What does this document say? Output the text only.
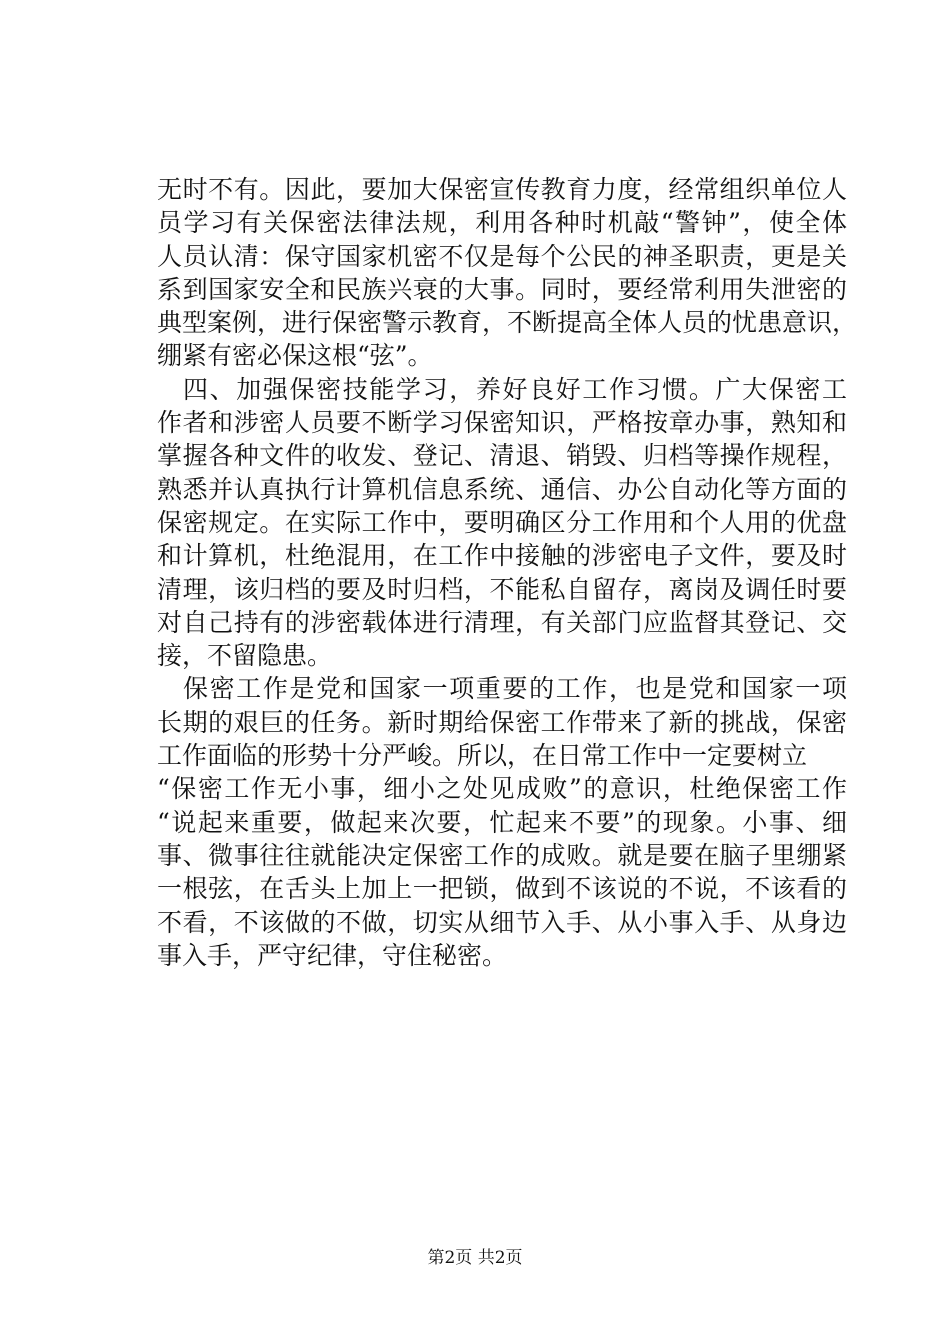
无时不有。因此，要加大保密宣传教育力度，经常组织单位人
员学习有关保密法律法规，利用各种时机敲“警钟”，使全体
人员认清：保守国家机密不仅是每个公民的神圣职责，更是关
系到国家安全和民族兴衰的大事。同时，要经常利用失泄密的
典型案例，进行保密警示教育，不断提高全体人员的忧患意识，
绷紧有密必保这根“弦”。
四、加强保密技能学习，养好良好工作习惯。广大保密工
作者和涉密人员要不断学习保密知识，严格按章办事，熟知和
掌握各种文件的收发、登记、清退、销毁、归档等操作规程，
熟悉并认真执行计算机信息系统、通信、办公自动化等方面的
保密规定。在实际工作中，要明确区分工作用和个人用的优盘
和计算机，杜绝混用，在工作中接触的涉密电子文件，要及时
清理，该归档的要及时归档，不能私自留存，离岗及调任时要
对自己持有的涉密载体进行清理，有关部门应监督其登记、交
接，不留隐患。
保密工作是党和国家一项重要的工作，也是党和国家一项
长期的艰巨的任务。新时期给保密工作带来了新的挑战，保密
工作面临的形势十分严峻。所以，在日常工作中一定要树立
“保密工作无小事，细小之处见成败”的意识，杜绝保密工作
“说起来重要，做起来次要，忙起来不要”的现象。小事、细
事、微事往往就能决定保密工作的成败。就是要在脑子里绷紧
一根弦，在舌头上加上一把锁，做到不该说的不说，不该看的
不看，不该做的不做，切实从细节入手、从小事入手、从身边
事入手，严守纪律，守住秘密。
第2页 共2页
